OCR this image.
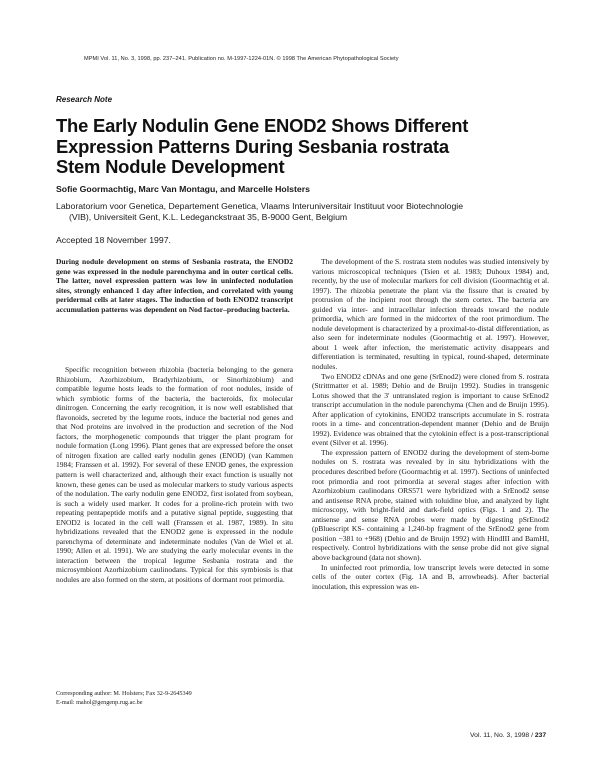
MPMI Vol. 11, No. 3, 1998, pp. 237–241. Publication no. M-1997-1224-01N. © 1998 The American Phytopathological Society
Research Note
The Early Nodulin Gene ENOD2 Shows Different
Expression Patterns During Sesbania rostrata
Stem Nodule Development
Sofie Goormachtig, Marc Van Montagu, and Marcelle Holsters
Laboratorium voor Genetica, Departement Genetica, Vlaams Interuniversitair Instituut voor Biotechnologie
(VIB), Universiteit Gent, K.L. Ledeganckstraat 35, B-9000 Gent, Belgium
Accepted 18 November 1997.

During nodule development on stems of Sesbania rostrata, the ENOD2 gene was expressed in the nodule parenchyma and in outer cortical cells. The latter, novel expression pattern was low in uninfected nodulation sites, strongly enhanced 1 day after infection, and correlated with young peridermal cells at later stages. The induction of both ENOD2 transcript accumulation patterns was dependent on Nod factor–producing bacteria.

Specific recognition between rhizobia (bacteria belonging to the genera Rhizobium, Azorhizobium, Bradyrhizobium, or Sinorhizobium) and compatible legume hosts leads to the formation of root nodules, inside of which symbiotic forms of the bacteria, the bacteroids, fix molecular dinitrogen. Concerning the early recognition, it is now well established that flavonoids, secreted by the legume roots, induce the bacterial nod genes and that Nod proteins are involved in the production and secretion of the Nod factors, the morphogenetic compounds that trigger the plant program for nodule formation (Long 1996). Plant genes that are expressed before the onset of nitrogen fixation are called early nodulin genes (ENOD) (van Kammen 1984; Franssen et al. 1992). For several of these ENOD genes, the expression pattern is well characterized and, although their exact function is usually not known, these genes can be used as molecular markers to study various aspects of the nodulation. The early nodulin gene ENOD2, first isolated from soybean, is such a widely used marker. It codes for a proline-rich protein with two repeating pentapeptide motifs and a putative signal peptide, suggesting that ENOD2 is located in the cell wall (Franssen et al. 1987, 1989). In situ hybridizations revealed that the ENOD2 gene is expressed in the nodule parenchyma of determinate and indeterminate nodules (Van de Wiel et al. 1990; Allen et al. 1991). We are studying the early molecular events in the interaction between the tropical legume Sesbania rostrata and the microsymbiont Azorhizobium caulinodans. Typical for this symbiosis is that nodules are also formed on the stem, at positions of dormant root primordia.

The development of the S. rostrata stem nodules was studied intensively by various microscopical techniques (Tsien et al. 1983; Duhoux 1984) and, recently, by the use of molecular markers for cell division (Goormachtig et al. 1997). The rhizobia penetrate the plant via the fissure that is created by protrusion of the incipient root through the stem cortex. The bacteria are guided via inter- and intracellular infection threads toward the nodule primordia, which are formed in the midcortex of the root primordium. The nodule development is characterized by a proximal-to-distal differentiation, as also seen for indeterminate nodules (Goormachtig et al. 1997). However, about 1 week after infection, the meristematic activity disappears and differentiation is terminated, resulting in typical, round-shaped, determinate nodules.

Two ENOD2 cDNAs and one gene (SrEnod2) were cloned from S. rostrata (Strittmatter et al. 1989; Dehio and de Bruijn 1992). Studies in transgenic Lotus showed that the 3′ untranslated region is important to cause SrEnod2 transcript accumulation in the nodule parenchyma (Chen and de Bruijn 1995). After application of cytokinins, ENOD2 transcripts accumulate in S. rostrata roots in a time- and concentration-dependent manner (Dehio and de Bruijn 1992). Evidence was obtained that the cytokinin effect is a post-transcriptional event (Silver et al. 1996).

The expression pattern of ENOD2 during the development of stem-borne nodules on S. rostrata was revealed by in situ hybridizations with the procedures described before (Goormachtig et al. 1997). Sections of uninfected root primordia and root primordia at several stages after infection with Azorhizobium caulinodans ORS571 were hybridized with a SrEnod2 sense and antisense RNA probe, stained with toluidine blue, and analyzed by light microscopy, with bright-field and dark-field optics (Figs. 1 and 2). The antisense and sense RNA probes were made by digesting pSrEnod2 (pBluescript KS- containing a 1,240-bp fragment of the SrEnod2 gene from position −381 to +968) (Dehio and de Bruijn 1992) with HindIII and BamHI, respectively. Control hybridizations with the sense probe did not give signal above background (data not shown).

In uninfected root primordia, low transcript levels were detected in some cells of the outer cortex (Fig. 1A and B, arrowheads). After bacterial inoculation, this expression was en-

Corresponding author: M. Holsters; Fax 32-9-2645349
E-mail: mahol@gengenp.rug.ac.be
Vol. 11, No. 3, 1998 / 237
